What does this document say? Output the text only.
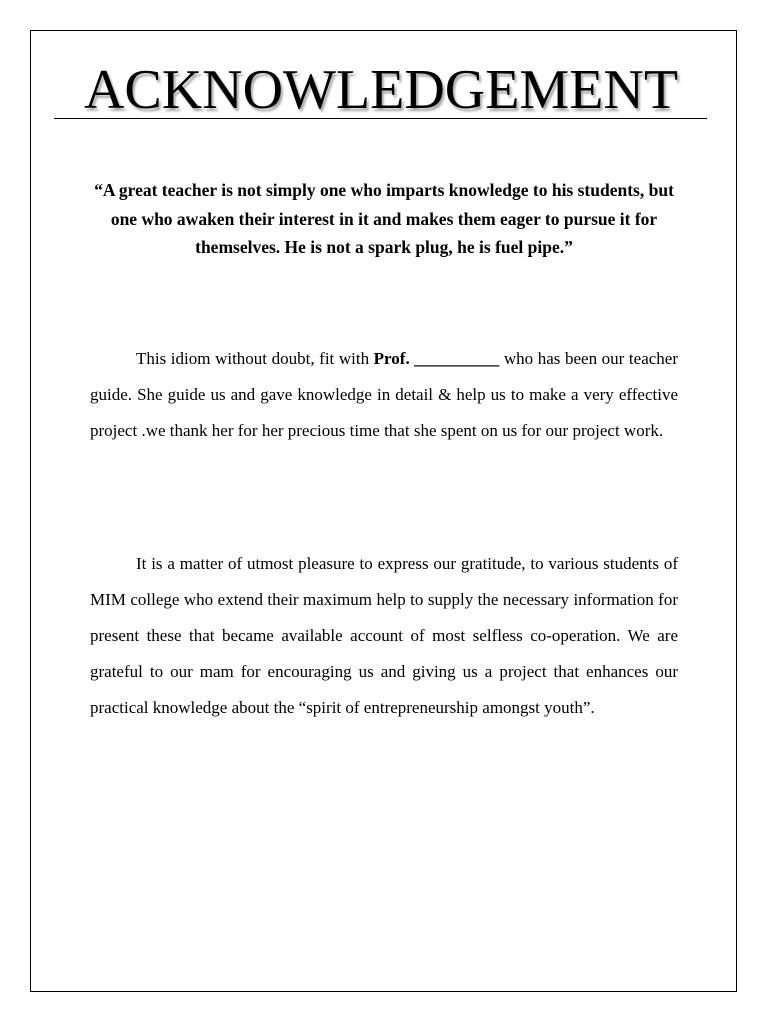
ACKNOWLEDGEMENT

“A great teacher is not simply one who imparts knowledge to his students, but one who awaken their interest in it and makes them eager to pursue it for themselves. He is not a spark plug, he is fuel pipe.”

This idiom without doubt, fit with Prof. __________ who has been our teacher guide. She guide us and gave knowledge in detail & help us to make a very effective project .we thank her for her precious time that she spent on us for our project work.

It is a matter of utmost pleasure to express our gratitude, to various students of MIM college who extend their maximum help to supply the necessary information for present these that became available account of most selfless co-operation. We are grateful to our mam for encouraging us and giving us a project that enhances our practical knowledge about the “spirit of entrepreneurship amongst youth”.
